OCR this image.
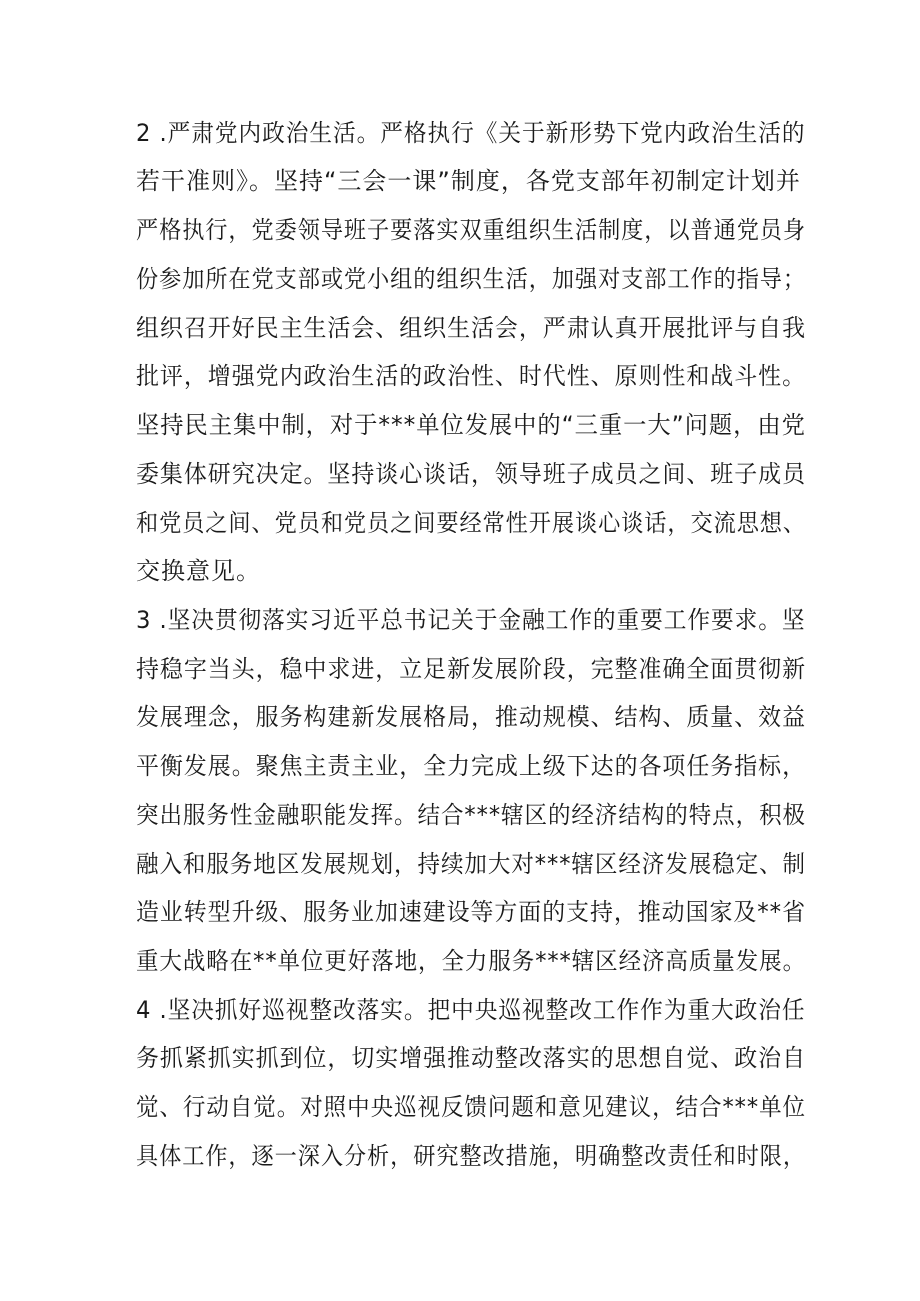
2 .严肃党内政治生活。严格执行《关于新形势下党内政治生活的
若干准则》。坚持“三会一课”制度，各党支部年初制定计划并
严格执行，党委领导班子要落实双重组织生活制度，以普通党员身
份参加所在党支部或党小组的组织生活，加强对支部工作的指导；
组织召开好民主生活会、组织生活会，严肃认真开展批评与自我
批评，增强党内政治生活的政治性、时代性、原则性和战斗性。
坚持民主集中制，对于***单位发展中的“三重一大”问题，由党
委集体研究决定。坚持谈心谈话，领导班子成员之间、班子成员
和党员之间、党员和党员之间要经常性开展谈心谈话，交流思想、
交换意见。
3 .坚决贯彻落实习近平总书记关于金融工作的重要工作要求。坚
持稳字当头，稳中求进，立足新发展阶段，完整准确全面贯彻新
发展理念，服务构建新发展格局，推动规模、结构、质量、效益
平衡发展。聚焦主责主业，全力完成上级下达的各项任务指标，
突出服务性金融职能发挥。结合***辖区的经济结构的特点，积极
融入和服务地区发展规划，持续加大对***辖区经济发展稳定、制
造业转型升级、服务业加速建设等方面的支持，推动国家及**省
重大战略在**单位更好落地，全力服务***辖区经济高质量发展。
4 .坚决抓好巡视整改落实。把中央巡视整改工作作为重大政治任
务抓紧抓实抓到位，切实增强推动整改落实的思想自觉、政治自
觉、行动自觉。对照中央巡视反馈问题和意见建议，结合***单位
具体工作，逐一深入分析，研究整改措施，明确整改责任和时限，
